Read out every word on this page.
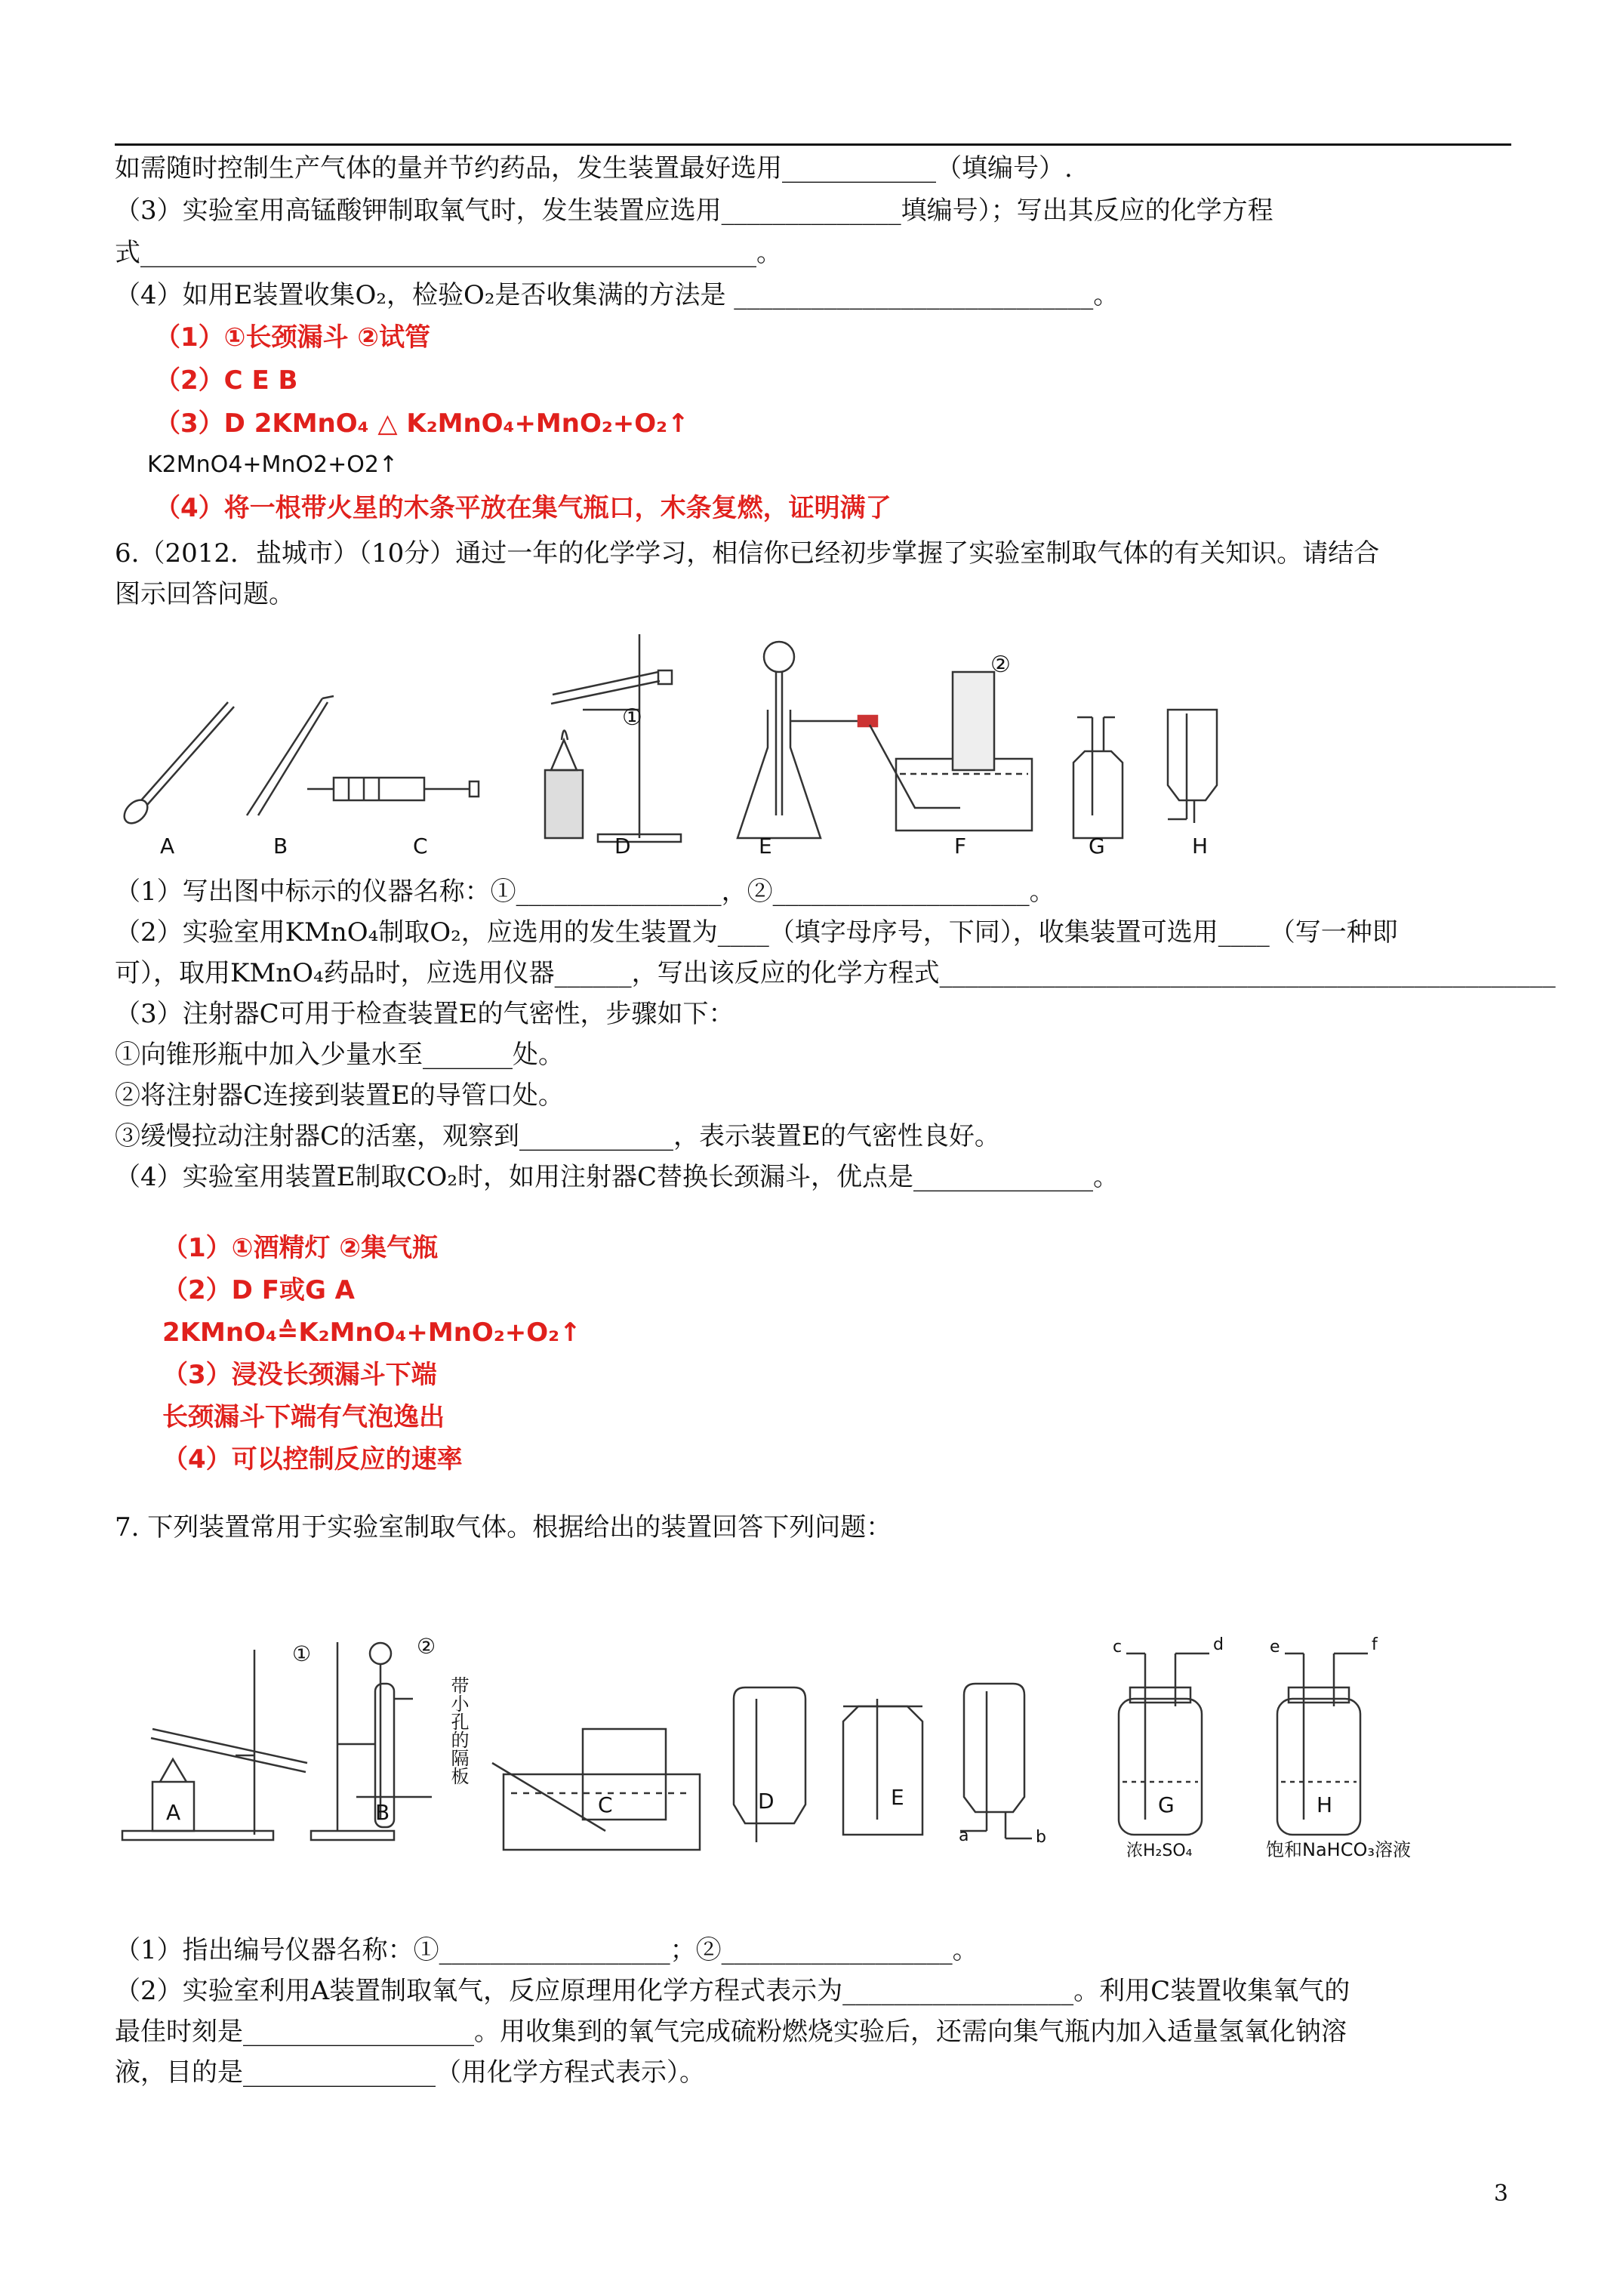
如需随时控制生产气体的量并节约药品，发生装置最好选用____________（填编号）.
（3）实验室用高锰酸钾制取氧气时，发生装置应选用______________填编号）；写出其反应的化学方程
式________________________________________________。
（4）如用E装置收集O₂，检验O₂是否收集满的方法是 ____________________________。
（1）①长颈漏斗 ②试管
（2）C E B
（3）D 2KMnO₄ △ K₂MnO₄+MnO₂+O₂↑
K2MnO4+MnO2+O2↑
（4）将一根带火星的木条平放在集气瓶口，木条复燃，证明满了
6.（2012．盐城市）（10分）通过一年的化学学习，相信你已经初步掌握了实验室制取气体的有关知识。请结合
图示回答问题。
①
②
A	B	C	D	E	F	G	H
（1）写出图中标示的仪器名称：①________________，②____________________。
（2）实验室用KMnO₄制取O₂，应选用的发生装置为____（填字母序号，下同），收集装置可选用____（写一种即
可），取用KMnO₄药品时，应选用仪器______，写出该反应的化学方程式________________________________________________
（3）注射器C可用于检查装置E的气密性，步骤如下：
①向锥形瓶中加入少量水至_______处。
②将注射器C连接到装置E的导管口处。
③缓慢拉动注射器C的活塞，观察到____________，表示装置E的气密性良好。
（4）实验室用装置E制取CO₂时，如用注射器C替换长颈漏斗，优点是______________。
（1）①酒精灯 ②集气瓶
（2）D F或G A
2KMnO₄≙K₂MnO₄+MnO₂+O₂↑
（3）浸没长颈漏斗下端
长颈漏斗下端有气泡逸出
（4）可以控制反应的速率
7. 下列装置常用于实验室制取气体。根据给出的装置回答下列问题：
①	②
A	B	C	D	E	G	H
a	b
c	d	e	f
浓H₂SO₄	饱和NaHCO₃溶液
带小孔的隔板
（1）指出编号仪器名称：①__________________；②__________________。
（2）实验室利用A装置制取氧气，反应原理用化学方程式表示为__________________。利用C装置收集氧气的
最佳时刻是__________________。用收集到的氧气完成硫粉燃烧实验后，还需向集气瓶内加入适量氢氧化钠溶
液，目的是_______________（用化学方程式表示）。
3
